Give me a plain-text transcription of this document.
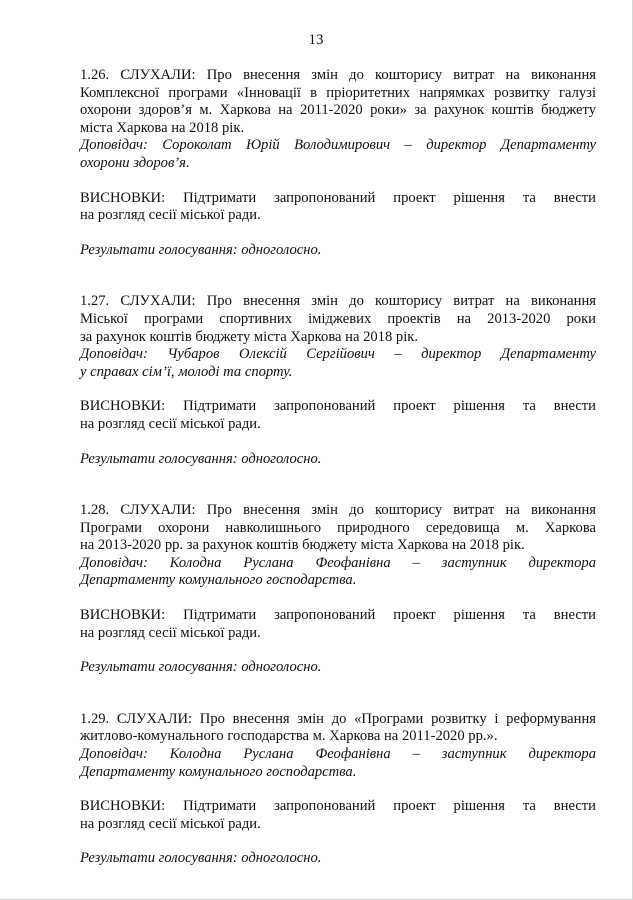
13

1.26. СЛУХАЛИ: Про внесення змін до кошторису витрат на виконання

Комплексної програми «Інновації в пріоритетних напрямках розвитку галузі

охорони здоров’я м. Харкова на 2011-2020 роки» за рахунок коштів бюджету

міста Харкова на 2018 рік.

Доповідач: Сороколат Юрій Володимирович – директор Департаменту

охорони здоров’я.

ВИСНОВКИ: Підтримати запропонований проект рішення та внести

на розгляд сесії міської ради.

Результати голосування: одноголосно.

1.27. СЛУХАЛИ: Про внесення змін до кошторису витрат на виконання

Міської програми спортивних іміджевих проектів на 2013-2020 роки

за рахунок коштів бюджету міста Харкова на 2018 рік.

Доповідач: Чубаров Олексій Сергійович – директор Департаменту

у справах сім’ї, молоді та спорту.

ВИСНОВКИ: Підтримати запропонований проект рішення та внести

на розгляд сесії міської ради.

Результати голосування: одноголосно.

1.28. СЛУХАЛИ: Про внесення змін до кошторису витрат на виконання

Програми охорони навколишнього природного середовища м. Харкова

на 2013-2020 рр. за рахунок коштів бюджету міста Харкова на 2018 рік.

Доповідач: Колодна Руслана Феофанівна – заступник директора

Департаменту комунального господарства.

ВИСНОВКИ: Підтримати запропонований проект рішення та внести

на розгляд сесії міської ради.

Результати голосування: одноголосно.

1.29. СЛУХАЛИ: Про внесення змін до «Програми розвитку і реформування

житлово-комунального господарства м. Харкова на 2011-2020 рр.».

Доповідач: Колодна Руслана Феофанівна – заступник директора

Департаменту комунального господарства.

ВИСНОВКИ: Підтримати запропонований проект рішення та внести

на розгляд сесії міської ради.

Результати голосування: одноголосно.
